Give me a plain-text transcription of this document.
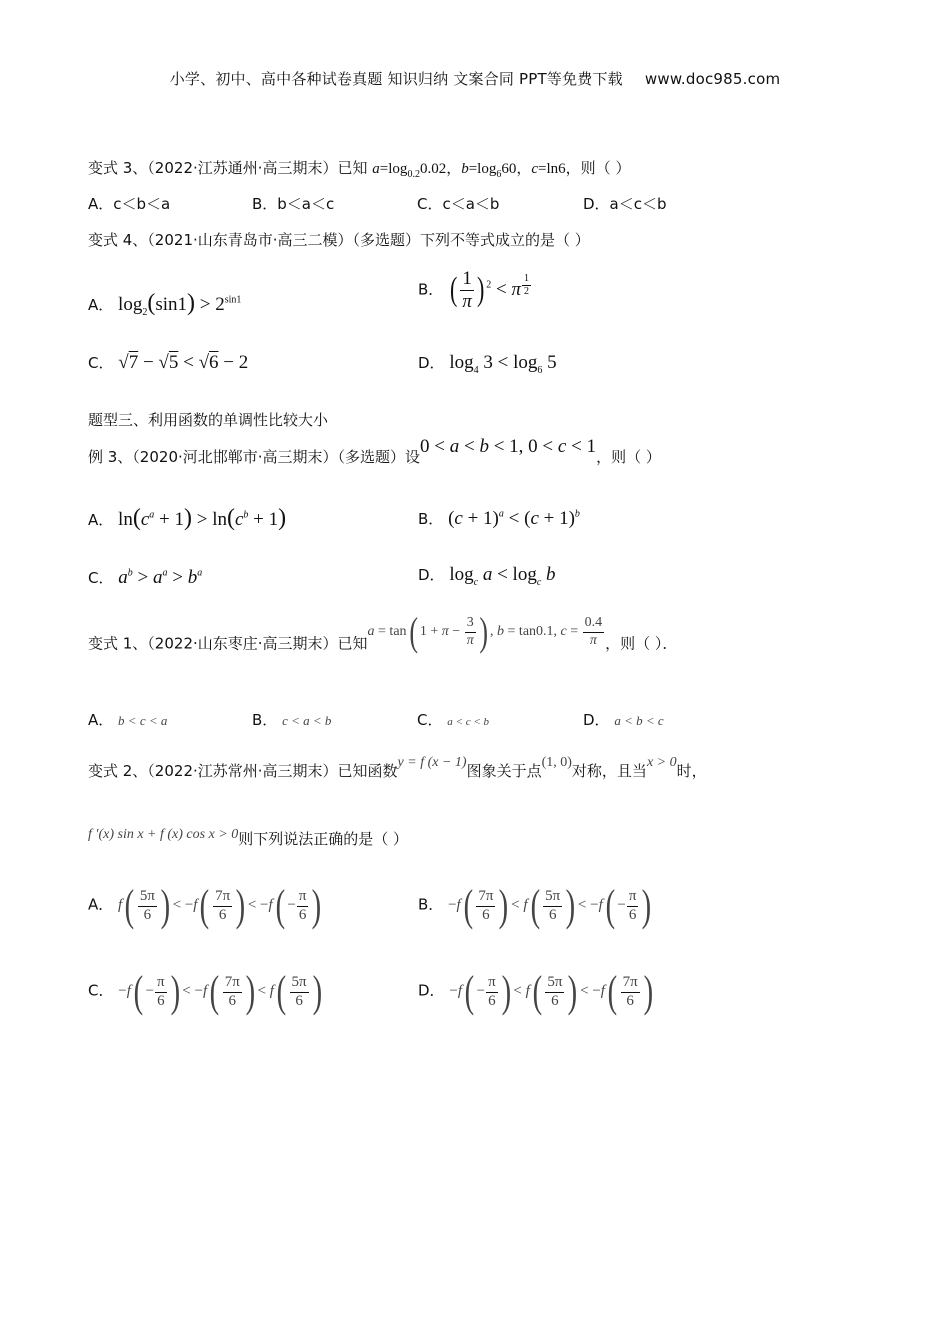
小学、初中、高中各种试卷真题 知识归纳 文案合同 PPT等免费下载 www.doc985.com
变式 3、（2022·江苏通州·高三期末）已知 $a=\log_{0.2}0.02$，$b=\log_660$，c=ln6，则（ ）
A．c＜b＜a	B．b＜a＜c	C．c＜a＜b	D．a＜c＜b
变式 4、（2021·山东青岛市·高三二模）（多选题）下列不等式成立的是（ ）
A． $\log_2(\sin 1) > 2^{sin1}$
B． ( $\frac{1}{\pi}$ ) $^2$ < π $^{\frac{1}{2}}$
C． √7 − √5 < √6 − 2	D． $\log_4 3 < \log_6 5$
题型三、利用函数的单调性比较大小
例 3、（2020·河北邯郸市·高三期末）（多选题）设0 < a < b < 1, 0 < c < 1，则（ ）
A． $\ln(c^a + 1) > \ln(c^b + 1)$	B． $(c + 1)^a < (c + 1)^b$
C． $a^b > a^a > b^a$	D． $\log_c a < \log_c b$
变式 1、（2022·山东枣庄·高三期末）已知a = tan( $1 + \pi - \frac{3}{\pi}$ ) , b = tan0.1, $c = \frac{0.4}{\pi}$ ，则（ ）．
A． b < c < a	B． c < a < b	C． a < c < b	D． a < b < c
变式 2、（2022·江苏常州·高三期末）已知函数y = f (x − 1)图象关于点(1, 0)对称，且当x > 0时，
f ′(x) sin x + f (x) cos x > 0则下列说法正确的是（ ）
A． $f( \frac{5\pi}{6}$ ) < $-f( \frac{7\pi}{6}$ ) < $-f( - \frac{\pi}{6}$ )	B． $-f( \frac{7\pi}{6}$ ) < $f( \frac{5\pi}{6}$ ) < $-f( - \frac{\pi}{6}$ )
C． $-f( - \frac{\pi}{6}$ ) < $-f( \frac{7\pi}{6}$ ) < $f( \frac{5\pi}{6}$ )	D． $-f( - \frac{\pi}{6}$ ) < $f( \frac{5\pi}{6}$ ) < $-f( \frac{7\pi}{6}$ )
